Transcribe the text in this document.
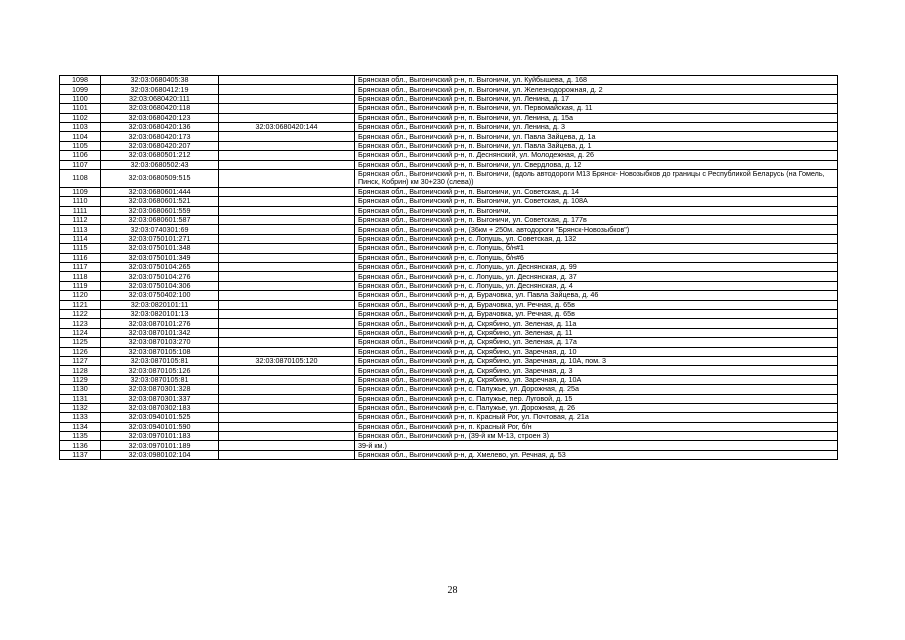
1098	32:03:0680405:38		Брянская обл., Выгоничский р-н, п. Выгоничи, ул. Куйбышева, д. 168
1099	32:03:0680412:19		Брянская обл., Выгоничский р-н, п. Выгоничи, ул. Железнодорожная, д. 2
1100	32:03:0680420:111		Брянская обл., Выгоничский р-н, п. Выгоничи, ул. Ленина, д. 17
1101	32:03:0680420:118		Брянская обл., Выгоничский р-н, п. Выгоничи, ул. Первомайская, д. 11
1102	32:03:0680420:123		Брянская обл., Выгоничский р-н, п. Выгоничи, ул. Ленина, д. 15а
1103	32:03:0680420:136	32:03:0680420:144	Брянская обл., Выгоничский р-н, п. Выгоничи, ул. Ленина, д. 3
1104	32:03:0680420:173		Брянская обл., Выгоничский р-н, п. Выгоничи, ул. Павла Зайцева, д. 1а
1105	32:03:0680420:207		Брянская обл., Выгоничский р-н, п. Выгоничи, ул. Павла Зайцева, д. 1
1106	32:03:0680501:212		Брянская обл., Выгоничский р-н, п. Деснянский, ул. Молодежная, д. 26
1107	32:03:0680502:43		Брянская обл., Выгоничский р-н, п. Выгоничи, ул. Свердлова, д. 12
1108	32:03:0680509:515		Брянская обл., Выгоничский р-н, п. Выгоничи, (вдоль автодороги М13 Брянск- Новозыбков до границы с Республикой Беларусь (на Гомель, Пинск, Кобрин) км 30+230 (слева))
1109	32:03:0680601:444		Брянская обл., Выгоничский р-н, п. Выгоничи, ул. Советская, д. 14
1110	32:03:0680601:521		Брянская обл., Выгоничский р-н, п. Выгоничи, ул. Советская, д. 108А
1111	32:03:0680601:559		Брянская обл., Выгоничский р-н, п. Выгоничи,
1112	32:03:0680601:587		Брянская обл., Выгоничский р-н, п. Выгоничи, ул. Советская, д. 177в
1113	32:03:0740301:69		Брянская обл., Выгоничский р-н, (36км + 250м. автодороги "Брянск-Новозыбков")
1114	32:03:0750101:271		Брянская обл., Выгоничский р-н, с. Лопушь, ул. Советская, д. 132
1115	32:03:0750101:348		Брянская обл., Выгоничский р-н, с. Лопушь, б/н#1
1116	32:03:0750101:349		Брянская обл., Выгоничский р-н, с. Лопушь, б/н#6
1117	32:03:0750104:265		Брянская обл., Выгоничский р-н, с. Лопушь, ул. Деснянская, д. 99
1118	32:03:0750104:276		Брянская обл., Выгоничский р-н, с. Лопушь, ул. Деснянская, д. 37
1119	32:03:0750104:306		Брянская обл., Выгоничский р-н, с. Лопушь, ул. Деснянская, д. 4
1120	32:03:0750402:100		Брянская обл., Выгоничский р-н, д. Бурачовка, ул. Павла Зайцева, д. 46
1121	32:03:0820101:11		Брянская обл., Выгоничский р-н, д. Бурачовка, ул. Речная, д. 65в
1122	32:03:0820101:13		Брянская обл., Выгоничский р-н, д. Бурачовка, ул. Речная, д. 65в
1123	32:03:0870101:276		Брянская обл., Выгоничский р-н, д. Скрябино, ул. Зеленая, д. 11а
1124	32:03:0870101:342		Брянская обл., Выгоничский р-н, д. Скрябино, ул. Зеленая, д. 11
1125	32:03:0870103:270		Брянская обл., Выгоничский р-н, д. Скрябино, ул. Зеленая, д. 17а
1126	32:03:0870105:108		Брянская обл., Выгоничский р-н, д. Скрябино, ул. Заречная, д. 10
1127	32:03:0870105:81	32:03:0870105:120	Брянская обл., Выгоничский р-н, д. Скрябино, ул. Заречная, д. 10А, пом. 3
1128	32:03:0870105:126		Брянская обл., Выгоничский р-н, д. Скрябино, ул. Заречная, д. 3
1129	32:03:0870105:81		Брянская обл., Выгоничский р-н, д. Скрябино, ул. Заречная, д. 10А
1130	32:03:0870301:328		Брянская обл., Выгоничский р-н, с. Палужье, ул. Дорожная, д. 25а
1131	32:03:0870301:337		Брянская обл., Выгоничский р-н, с. Палужье, пер. Луговой, д. 15
1132	32:03:0870302:183		Брянская обл., Выгоничский р-н, с. Палужье, ул. Дорожная, д. 26
1133	32:03:0940101:525		Брянская обл., Выгоничский р-н, п. Красный Рог, ул. Почтовая, д. 21а
1134	32:03:0940101:590		Брянская обл., Выгоничский р-н, п. Красный Рог, б/н
1135	32:03:0970101:183		Брянская обл., Выгоничский р-н, (39-й км М-13, строен 3)
1136	32:03:0970101:189		39-й км.)
1137	32:03:0980102:104		Брянская обл., Выгоничский р-н, д. Хмелево, ул. Речная, д. 53
28
